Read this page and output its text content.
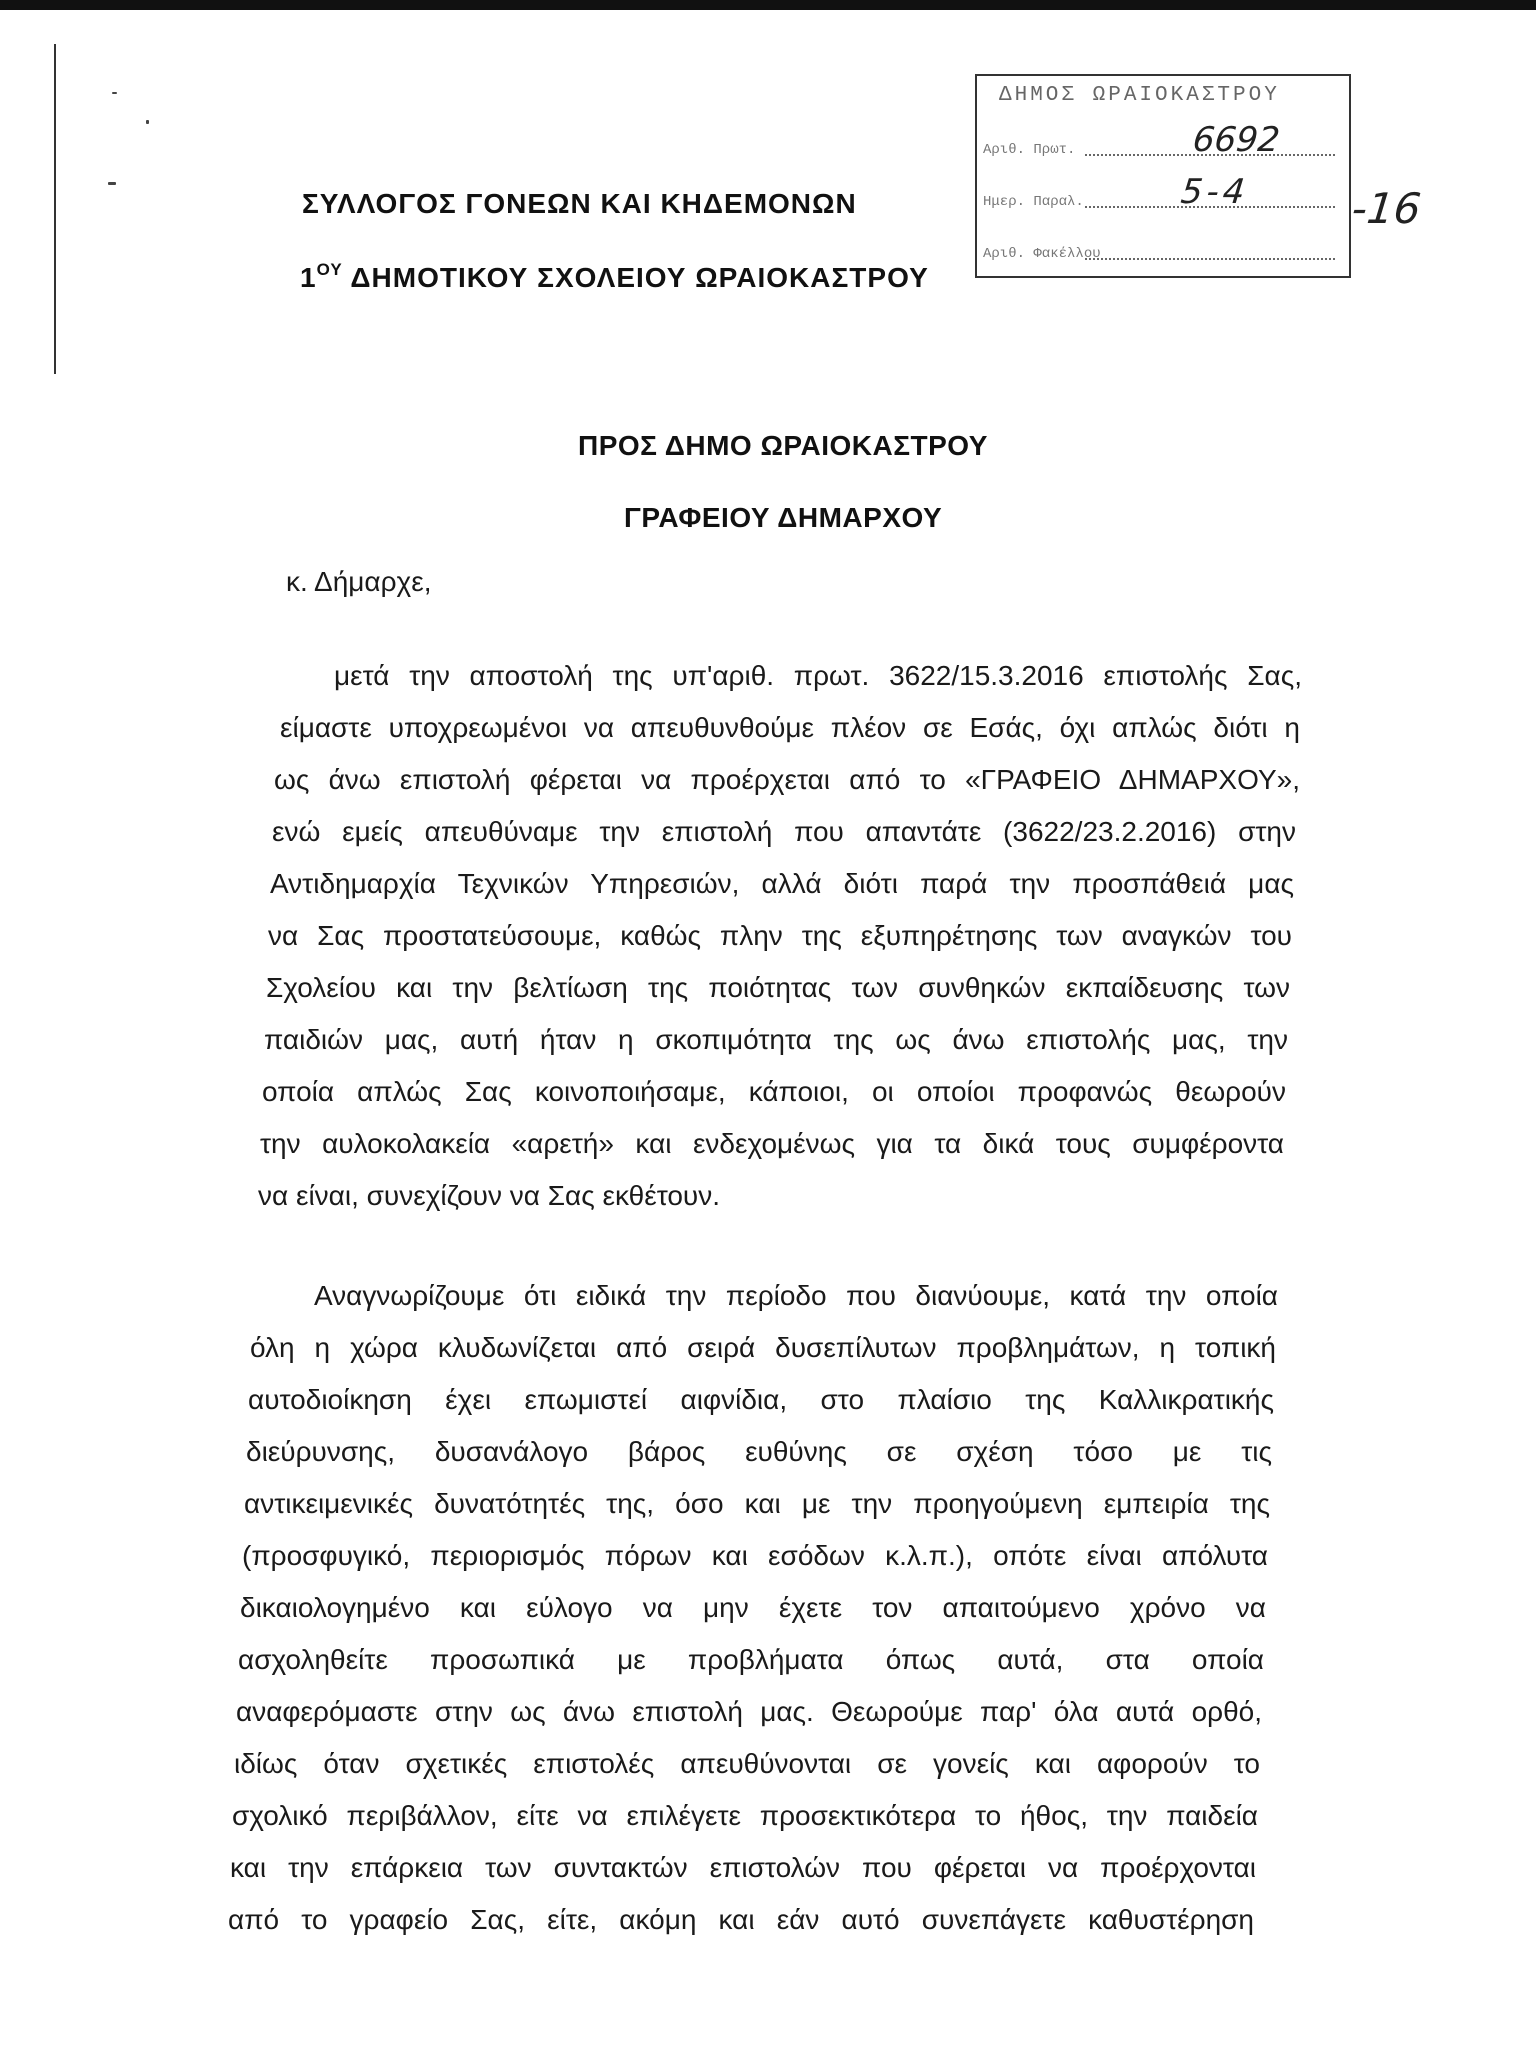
ΣΥΛΛΟΓΟΣ ΓΟΝΕΩΝ ΚΑΙ ΚΗΔΕΜΟΝΩΝ
$1^{O\Upsilon}$ ΔΗΜΟΤΙΚΟΥ ΣΧΟΛΕΙΟΥ ΩΡΑΙΟΚΑΣΤΡΟΥ
ΔΗΜΟΣ ΩΡΑΙΟΚΑΣΤΡΟΥ
Αριθ. Πρωτ.	6692
Ημερ. Παραλ.	5-4
Αριθ. Φακέλλου
-16
ΠΡΟΣ ΔΗΜΟ ΩΡΑΙΟΚΑΣΤΡΟΥ
ΓΡΑΦΕΙΟΥ ΔΗΜΑΡΧΟΥ
κ. Δήμαρχε,
μετά την αποστολή της υπ'αριθ. πρωτ. 3622/15.3.2016 επιστολής Σας,
είμαστε υποχρεωμένοι να απευθυνθούμε πλέον σε Εσάς, όχι απλώς διότι η
ως άνω επιστολή φέρεται να προέρχεται από το «ΓΡΑΦΕΙΟ ΔΗΜΑΡΧΟΥ»,
ενώ εμείς απευθύναμε την επιστολή που απαντάτε (3622/23.2.2016) στην
Αντιδημαρχία Τεχνικών Υπηρεσιών, αλλά διότι παρά την προσπάθειά μας
να Σας προστατεύσουμε, καθώς πλην της εξυπηρέτησης των αναγκών του
Σχολείου και την βελτίωση της ποιότητας των συνθηκών εκπαίδευσης των
παιδιών μας, αυτή ήταν η σκοπιμότητα της ως άνω επιστολής μας, την
οποία απλώς Σας κοινοποιήσαμε, κάποιοι, οι οποίοι προφανώς θεωρούν
την αυλοκολακεία «αρετή» και ενδεχομένως για τα δικά τους συμφέροντα
να είναι, συνεχίζουν να Σας εκθέτουν.
Αναγνωρίζουμε ότι ειδικά την περίοδο που διανύουμε, κατά την οποία
όλη η χώρα κλυδωνίζεται από σειρά δυσεπίλυτων προβλημάτων, η τοπική
αυτοδιοίκηση έχει επωμιστεί αιφνίδια, στο πλαίσιο της Καλλικρατικής
διεύρυνσης, δυσανάλογο βάρος ευθύνης σε σχέση τόσο με τις
αντικειμενικές δυνατότητές της, όσο και με την προηγούμενη εμπειρία της
(προσφυγικό, περιορισμός πόρων και εσόδων κ.λ.π.), οπότε είναι απόλυτα
δικαιολογημένο και εύλογο να μην έχετε τον απαιτούμενο χρόνο να
ασχοληθείτε προσωπικά με προβλήματα όπως αυτά, στα οποία
αναφερόμαστε στην ως άνω επιστολή μας. Θεωρούμε παρ' όλα αυτά ορθό,
ιδίως όταν σχετικές επιστολές απευθύνονται σε γονείς και αφορούν το
σχολικό περιβάλλον, είτε να επιλέγετε προσεκτικότερα το ήθος, την παιδεία
και την επάρκεια των συντακτών επιστολών που φέρεται να προέρχονται
από το γραφείο Σας, είτε, ακόμη και εάν αυτό συνεπάγετε καθυστέρηση
